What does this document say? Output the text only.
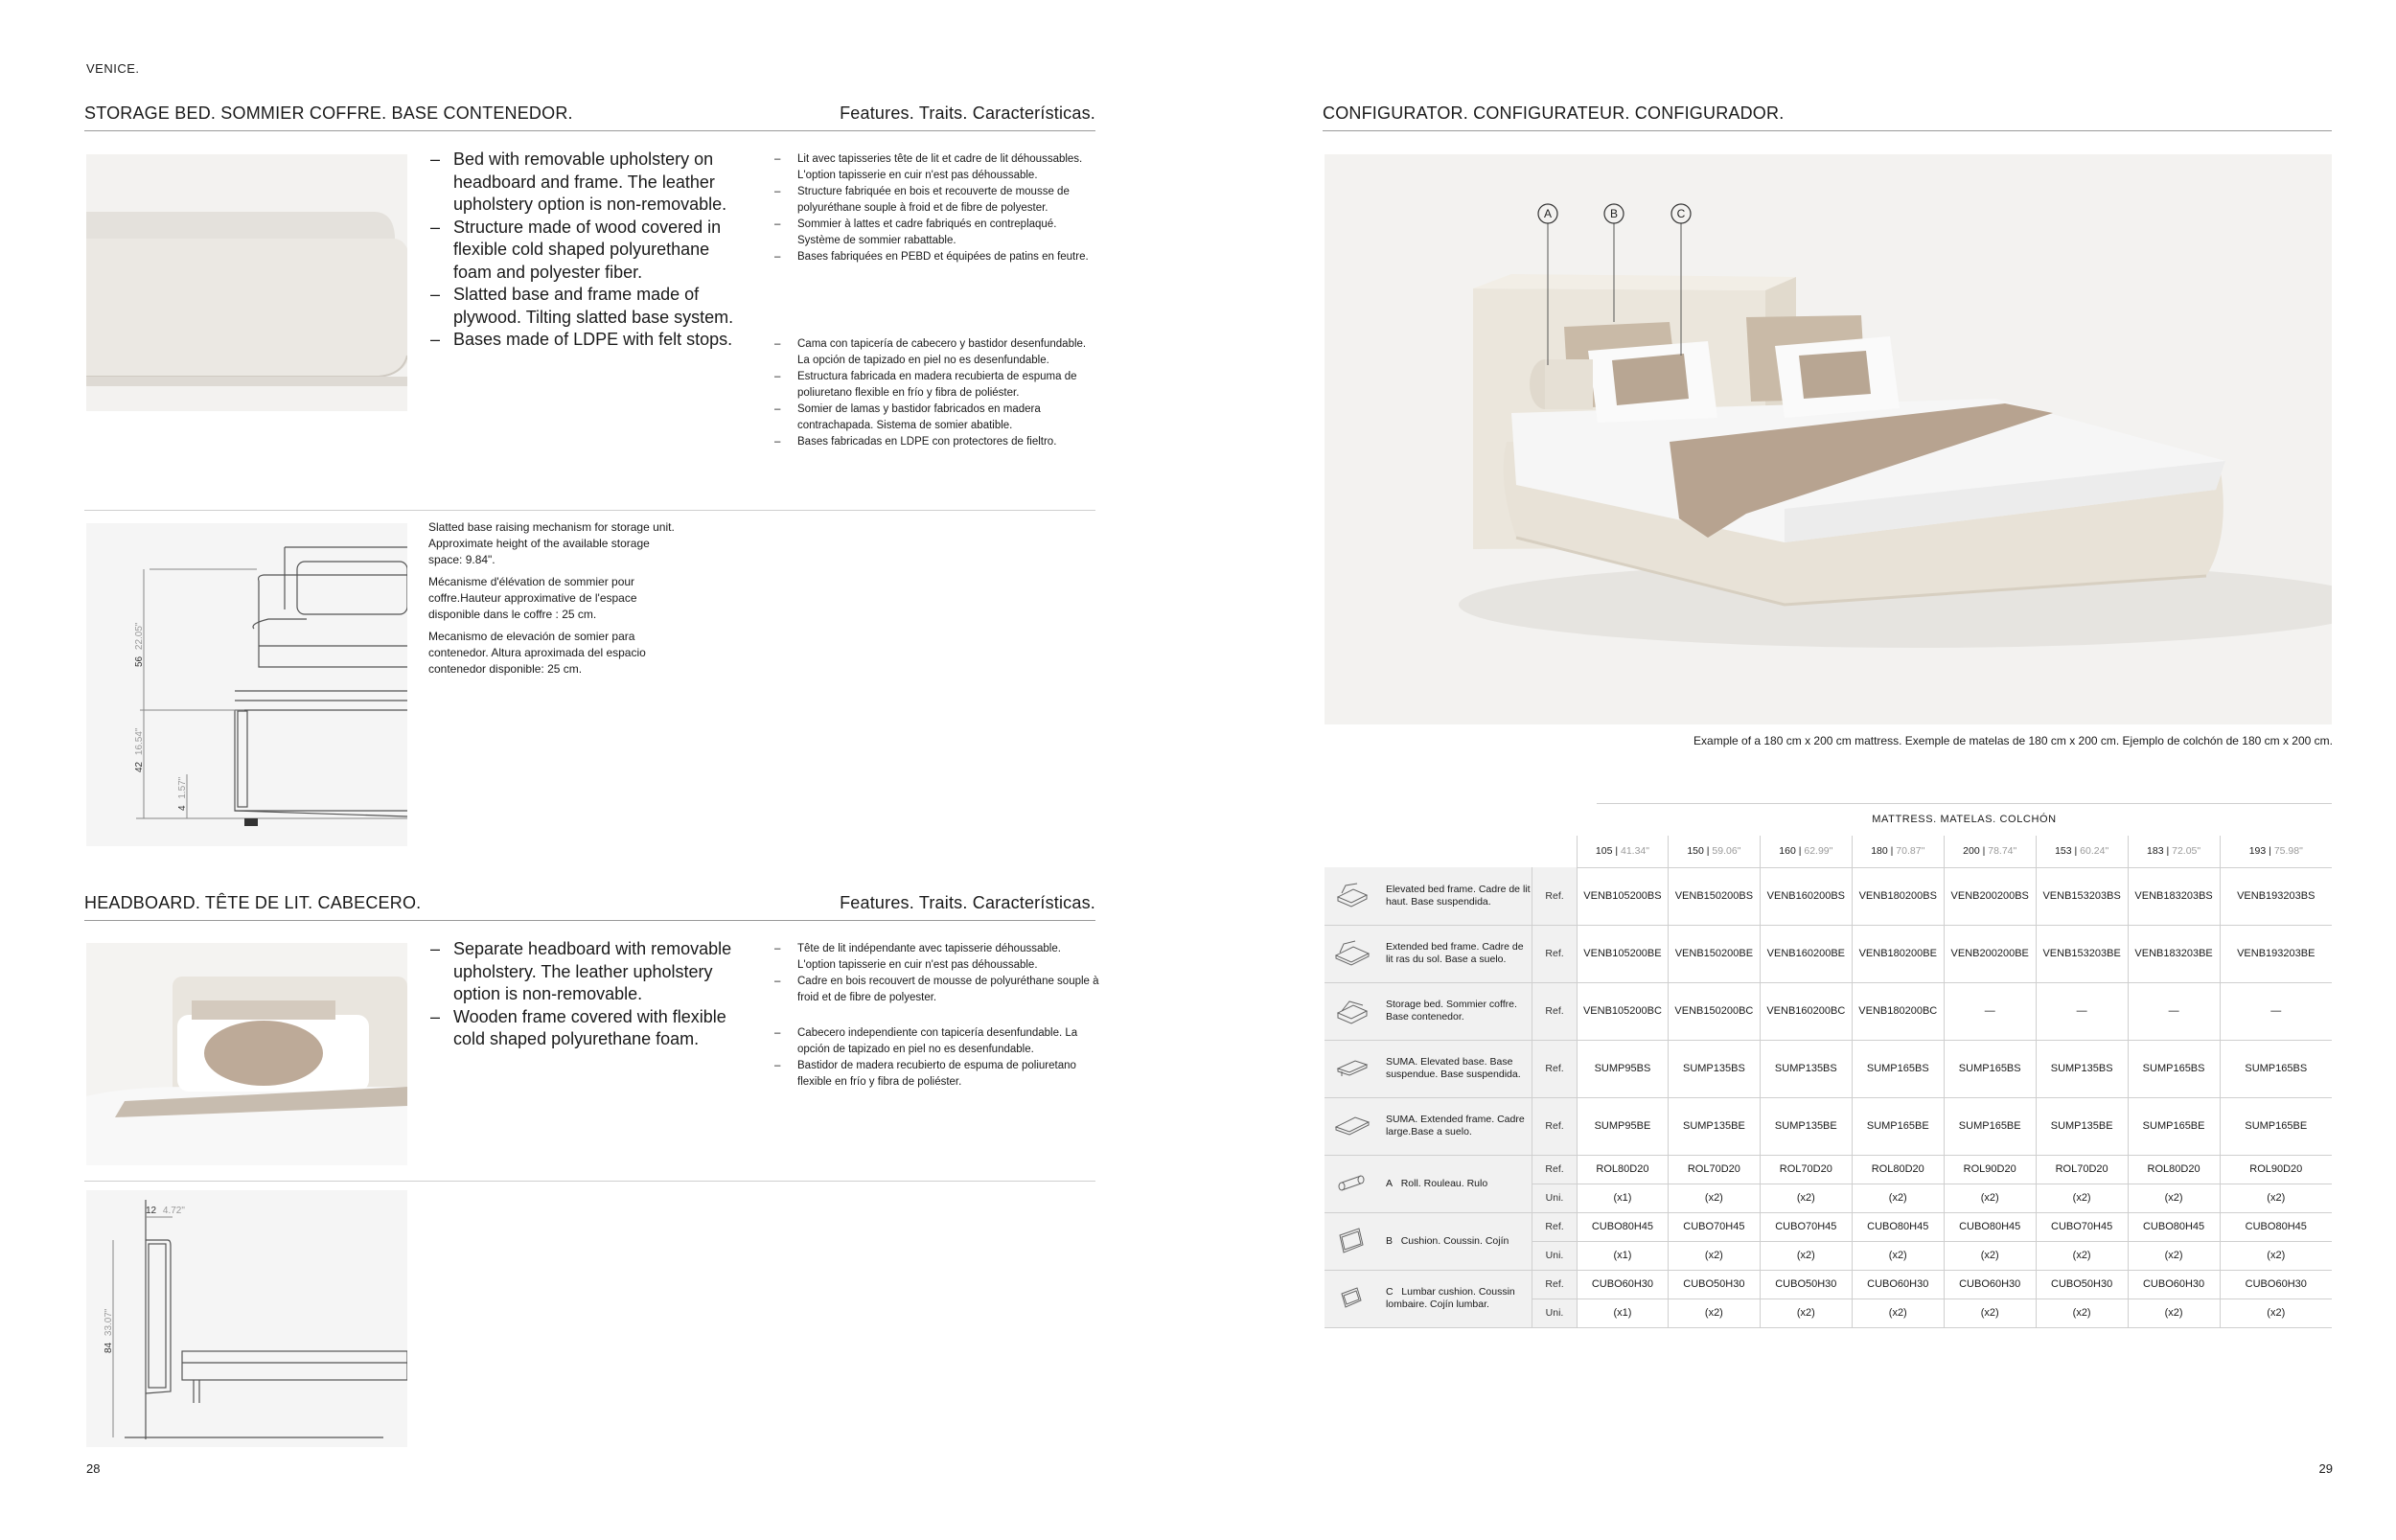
VENICE.
STORAGE BED. SOMMIER COFFRE. BASE CONTENEDOR.	Features. Traits. Características.
– Bed with removable upholstery on headboard and frame. The leather upholstery option is non-removable.
– Structure made of wood covered in flexible cold shaped polyurethane foam and polyester fiber.
– Slatted base and frame made of plywood. Tilting slatted base system.
– Bases made of LDPE with felt stops.
– Lit avec tapisseries tête de lit et cadre de lit déhoussables. L'option tapisserie en cuir n'est pas déhoussable.
– Structure fabriquée en bois et recouverte de mousse de polyuréthane souple à froid et de fibre de polyester.
– Sommier à lattes et cadre fabriqués en contreplaqué. Système de sommier rabattable.
– Bases fabriquées en PEBD et équipées de patins en feutre.
– Cama con tapicería de cabecero y bastidor desenfundable. La opción de tapizado en piel no es desenfundable.
– Estructura fabricada en madera recubierta de espuma de poliuretano flexible en frío y fibra de poliéster.
– Somier de lamas y bastidor fabricados en madera contrachapada. Sistema de somier abatible.
– Bases fabricadas en LDPE con protectores de fieltro.
56 22.05"
42 16.54"
4 1.57"

Slatted base raising mechanism for storage unit. Approximate height of the available storage space: 9.84".

Mécanisme d'élévation de sommier pour coffre.Hauteur approximative de l'espace disponible dans le coffre : 25 cm.

Mecanismo de elevación de somier para contenedor. Altura aproximada del espacio contenedor disponible: 25 cm.

HEADBOARD. TÊTE DE LIT. CABECERO.	Features. Traits. Características.
– Separate headboard with removable upholstery. The leather upholstery option is non-removable.
– Wooden frame covered with flexible cold shaped polyurethane foam.
– Tête de lit indépendante avec tapisserie déhoussable. L'option tapisserie en cuir n'est pas déhoussable.
– Cadre en bois recouvert de mousse de polyuréthane souple à froid et de fibre de polyester.
– Cabecero independiente con tapicería desenfundable. La opción de tapizado en piel no es desenfundable.
– Bastidor de madera recubierto de espuma de poliuretano flexible en frío y fibra de poliéster.
12 4.72"
84 33.07"
28
CONFIGURATOR. CONFIGURATEUR. CONFIGURADOR.
A	B	C
Example of a 180 cm x 200 cm mattress. Exemple de matelas de 180 cm x 200 cm. Ejemplo de colchón de 180 cm x 200 cm.
MATTRESS. MATELAS. COLCHÓN
			105 | 41.34"	150 | 59.06"	160 | 62.99"	180 | 70.87"	200 | 78.74"	153 | 60.24"	183 | 72.05"	193 | 75.98"
	Elevated bed frame. Cadre de lit haut. Base suspendida.	Ref.	VENB105200BS	VENB150200BS	VENB160200BS	VENB180200BS	VENB200200BS	VENB153203BS	VENB183203BS	VENB193203BS
	Extended bed frame. Cadre de lit ras du sol. Base a suelo.	Ref.	VENB105200BE	VENB150200BE	VENB160200BE	VENB180200BE	VENB200200BE	VENB153203BE	VENB183203BE	VENB193203BE
	Storage bed. Sommier coffre. Base contenedor.	Ref.	VENB105200BC	VENB150200BC	VENB160200BC	VENB180200BC	—	—	—	—
	SUMA. Elevated base. Base suspendue. Base suspendida.	Ref.	SUMP95BS	SUMP135BS	SUMP135BS	SUMP165BS	SUMP165BS	SUMP135BS	SUMP165BS	SUMP165BS
	SUMA. Extended frame. Cadre large.Base a suelo.	Ref.	SUMP95BE	SUMP135BE	SUMP135BE	SUMP165BE	SUMP165BE	SUMP135BE	SUMP165BE	SUMP165BE
	A Roll. Rouleau. Rulo	Ref.	ROL80D20	ROL70D20	ROL70D20	ROL80D20	ROL90D20	ROL70D20	ROL80D20	ROL90D20
		Uni.	(x1)	(x2)	(x2)	(x2)	(x2)	(x2)	(x2)	(x2)
	B Cushion. Coussin. Cojín	Ref.	CUBO80H45	CUBO70H45	CUBO70H45	CUBO80H45	CUBO80H45	CUBO70H45	CUBO80H45	CUBO80H45
		Uni.	(x1)	(x2)	(x2)	(x2)	(x2)	(x2)	(x2)	(x2)
	C Lumbar cushion. Coussin lombaire. Cojín lumbar.	Ref.	CUBO60H30	CUBO50H30	CUBO50H30	CUBO60H30	CUBO60H30	CUBO50H30	CUBO60H30	CUBO60H30
		Uni.	(x1)	(x2)	(x2)	(x2)	(x2)	(x2)	(x2)	(x2)
29
